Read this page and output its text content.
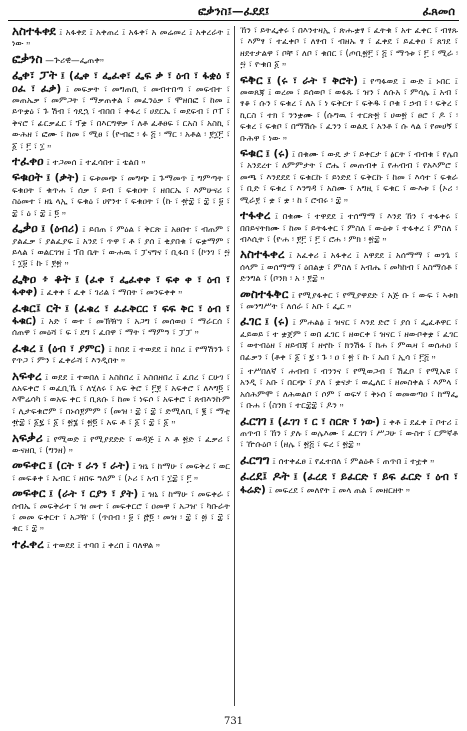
ፎቃንስ፤—ፈደደ፤	ፈጸመሰ
አስተፋቀደ ፤ አፋቀደ ፤ አቀጠረ ፤ አፋቀ፣ አ መሬመረ ፤ አቀረራት ፤ ነው ።
ፎቃንስ —ጕሪዊ—ፌጠቀ።
ፌቀ፣ ፓት ፤ (ፌቀ ፣ ፌፈቀ፣ ፌፍ ቃ ፣ ዕብ ፣ ፋቋዕ ፣ ዐፈ ፣ ፈቃ) ፤ መፍቃት ፣ መግጠቢ ፣ መብተበጣ ፣ መፍብተ ፣ መጠኤቃ ፣ መምጋት ፣ ማቃጠቀል ፣ መፈንዕቃ ፣ ሞዘበፎ ፣ ከመ ፤ ይጥቋዕ ፣ ጉ ሽብ ፣ ጎዴኋ ፣ ብበበ ፣ ቀፋረ ፣ ሀደርኤ ፣ ወደፍብ ፣ ቦፐ ፣ ቅናሮ ፣ ፊርቃፈር ፣ ፕቋ ፣ በእርግዋቃ ፣ ለቶ ፈቶፀፍ ፣ ርአስ ፣ አስኪ ፣ ውሕዘ ፣ ፎሙ ፣ ከመ ፣ ሚፀ ፣ (ዮብፎ ፡ ፉ ፭ ፡ ማር ፡ አቶል ፡ ፻፲፫ ፣ ፩ ፣ ፫ ፣ ፲ ።
ተፈቀዐ ፤ ተጋመሰ ፤ ተፈሳበተ ፤ ቴልበ ።
ፍቁዐት ፤ (ቃት) ፤ ፍቱመጭ ፣ መግጭ ፤ ጉማመጥ ፤ ግምጣት ፣ ፍቁዐት ፣ ቁጥሐ ፣ ሰቃ ፣ ይብ ፣ ፍቁዐት ፣ ዘበርኤ ፣ እምሁናሪ ፣ ስዕመተ ፣ ዘኒ ላኢ ፣ ፍቁዕ ፣ ሀየንተ ፣ ፍቁዐት ፣ (ኩ ፣ ፹፰ ፣ ፰ ፣ ፱ ፣ ፰ ፣ ዕ ፣ ፰ ፤ ፬ ።
ፌቃዐ ፤ (ዕብሪ) ፤ ይበጠ ፣ ምዕል ፣ ቅርጽ ፤ አፀበተ ፣ ብጠም ፣ ያልፈቃ ፣ ያልፈያፍ ፤ አንደ ፣ ጥዋ ፣ ቶ ፣ ያሰ ፤ ቂያበቁ ፣ ፍቋማም ፣ ይላል ፣ ወልርገዝ ፤ ፕበ ቤት ፣ ውሐዉ ፣ ፓናግና ፣ ቢፋበ ፣ (ኮንገ ፣ ፵ ፣ ፲፱ ፣ ኩ ፣ ፻፳ ።
ፌቅዐ ፥ ቆት ፤ (ፈቀ ፣ ፌፈቀቀ ፣ ፍቀ ቀ ፣ ዕብ ፣ ፋቀቀ) ፤ ፈቀቀ ፣ ፈቀ ፣ ገሪል ፣ ማበት ፣ መንፍቀቀ ።
ፈቁር፤ ርት ፤ (ፈቁረ ፣ ፈፈቅርር ፣ ፍፍ ቅር ፣ ዕብ ፣ ፋቁር) ፤ አድ ፣ ወተ ፣ መኽዥገ ፣ አጋግ ፣ መሰወዐ ፣ ማራርሰ ፣ ሰጠዋ ፣ መዕሻ ፣ ፍ ፣ ደግ ፣ ፈበዋ ፣ ማት ፣ ማምዓ ፣ ፓፓ ።
ፈቁረ ፤ (ዕብ ፣ ያምር) ፤ ከበደ ፤ ተወደደ ፤ ከበረ ፤ የማሽንጉ ፣ የጥጋ ፣ ምን ፣ ፈቀራሻ ፣ እንዲበት ።
አፍቀረ ፤ ወደደ ፤ ተወበለ ፤ አስከበረ ፤ አስበዘበረ ፤ ፈበረ ፣ ርሁገ ፣ ለአፍቀሮ ፣ ወፈቢኼ ፣ ለሂለሩ ፣ አፍ ቅሮ ፣ ፫፻ ፣ አፍቀሮ ፣ ለእግ፬ ፣ እሞሬሳካ ፣ ወአፍ ቀር ፣ ቢጸሱ ፣ ከመ ፣ ነፍሶ ፣ አፍቀሮ ፣ ጸብእንኩም ፣ ሊታፍቁሮም ፣ በኑሰ፻ምም ፣ (መዝ ፡ ፰ ፣ ፰ ፣ ድሚለቢ ፣ ፪ ፣ ማቲ ፹፰ ፣ ፩፯ ፣ ፩ ፣ ፳፮ ፣ ፳፬ ፣ አፍ ቶ ፣ ፩ ፣ ፰ ፣ ፩ ።
አፍቃሪ ፤ የሚወድ ፤ የሚያደድድ ፣ ወዳጅ ፤ እ ቶ ፳ድ ፣ ፈቃሪ ፣ ውናዘቢ ፣ (ግንዘ) ።
መፍቀር ፤ (ርት ፣ ራን ፣ ራት) ፤ ዝኒ ፣ ከማሁ ፣ መፍቅረ ፣ ወር ፣ መፍቆቀ ፣ ኡብር ፣ ዘበፍ ዓለም ፣ (ኦሪ ፣ አብ ፣ ፲፰ ፣ ፫ ።
መፍቀር ፤ (ራት ፣ ርያን ፣ ያት) ፤ ዝኒ ፣ ከማሁ ፣ መፍቀራ ፣ ሰብኤ ፣ መፍቅራተ ፣ ዝ መተ ፣ መፍቀርሮ ፣ ዐመዋ ፣ አጋዠ ፣ ካቡራት ፣ መመ ፍቀርተ ፣ አጋዥ ፣ (ጥበብ ፡ ፱ ፣ ፸፬ ፡ መዝ ፡ ፰ ፣ ፴ ፣ ፰ ፣ ቁር ፣ ፰ ።
ተፈቀረ ፤ ተወደደ ፤ ተባበ ፤ ቀረበ ፤ ባለዋል ።
ኸን ፣ ይትፌቀሩ ፣ በእንተዛኢ ፣ ጽሑቋፃ ፣ ፈትቁ ፣ አተ ፈቀር ፣ ብፃጹ ፣ እምፃ ፣ ተፈቀቦ ፣ ለፃብ ፣ ብዘኡ ፃ ፣ ፈቀደ ፣ ይፈቀዐ ፣ ጸገደ ፣ ዘደተታልዋ ፣ ቦቸ ፣ ለቦ ፣ ቁበር ፣ (ጦቢ፳፫ ፣ ፭ ፣ ማኅቱ ፣ ፫ ፣ ሚራ ፡ ፵ ፣ ዮቁበ ፩ ።
ፍቅር ፤ (ሩ ፣ ራት ፣ ቅሮት) ፤ የጣፋወደ ፤ ውድ ፤ ኑበር ፤ መወጸጃ ፤ ወረመ ፣ ይሰወቦ ፣ ወፋጹ ፣ ዝን ፣ ለሱአ ፣ ምሳሌ ፤ አብ ፣ ፃቆ ፣ ሱን ፣ ፍቁረ ፣ ለአ ፣ ነ ፍቅርተ ፣ ፍቅዱ ፣ ቦቁ ፣ ኃብ ፣ ፡ ፍቅረ ፣ ኪርስ ፣ ተክ ፣ ንንቋሙ ፣ (ሱግዉ ፣ ተርጽ፳ ፣ ሀወ፳ ፣ ፀሮ ፣ ዶ ፣ ፡ ፍቁረ ፣ ፍቁቦ ፣ በማሽሱ ፣ ፈንን ፣ ወልዴ ፣ አንቶ ፣ ሱ ላል ፣ የመሀኝ ፣ ቡሕዋ ፣ ነው ።
ፍቁር ፤ (ሩ) ፤ በቁሙ ፣ ውዴ ታ ፣ ይቀርታ ፣ ፅርት ፣ ብብቁ ፣ የሌበ ፣ አንደረተ ፣ ለምምታት ፣ ሮሔ ፣ መጠብቀ ፤ የሐብብ ፣ የአእምሮ ፣ መጫ ፣ እንደደደ ፣ ፍቁርኩ ፣ ይነድደ ፣ ፍቅርኩ ፣ ከመ ፣ እሳተ ፣ ፍቁራ ፣ ቢድ ፣ ፍቁረ ፣ እንግዳ ፣ አስሙ ፣ አግዚ ፣ ፍቁር ፣ ውእቱ ፣ (ኦሪ ፡ ሚራ፻ ፣ ቋ ፣ ቋ ፡ ከ ፣ ሮብሩ ፡ ፰ ።
ተፋቀረ ፤ በቁሙ ፣ ተዋደደ ፤ ተሰማማ ፣ እንደ ኸን ፣ ተፋቀሩ ፣ በበይናትክሙ ፣ ከመ ፣ ይትፋቀር ፣ ምስለ ፣ ውዕቱ ፣ ተፋቀረ ፣ ምስለ ፣ ብእሲት ፣ (ዮሐ ፡ ፻፫ ፣ ፫ ፣ ሮሐ ፡ ምክ ፡ ፳፰ ።
አስተፋቀረ ፤ አፈቀሪ ፤ አፋቀረ ፤ አዋደደ ፤ አሰማማ ፣ ወንጌ ፣ ሰላም ፤ ወሰማማ ፣ ዕበልቋ ፣ ምስለ ፣ አብሔ ፣ መካከብ ፣ አስማሰቶ ፣ ድንግል ፣ (ቦንክ ፡ አ ፡ ፻፰ ።
መስተፋቅር ፤ የሚያፋቀር ፣ የሚያዋደድ ፣ አጅ ቡ ፣ ውፍ ፣ ኣቱክ ፣ መንግሥት ፣ ለሰራ ፣ አቡ ፣ ፌር ።
ፈገር ፤ (ሩ) ፤ ምሐልፅ ፤ ዝናር ፣ እንደ ድሮ ፣ ያሰ ፣ ፌፈቶዋር ፣ ፈይወይ ፣ ተ ቋጀም ፣ ወበ ፈገር ፣ ዘወርቀ ፣ ዝናር ፣ ዘውቦቀቋ ፣ ፈገር ፣ ወተብዕዘ ፣ ዘይብጃ ፣ ዘኖኩ ፣ ክንሽፋ ፣ ከሐ ፣ ምዉዛ ፣ ወሰሐዐ ፣ በፊቃን ፣ (ቶቀ ፣ ፩ ፣ ፯ ፡ ጉ ፡ ዐ ፣ ፳ ፣ ኩ ፣ ኡበ ፣ ኢሳ ፣ ፫፭ ።
፤ ተሥበለኛ ፣ ሐብብ ፣ ብንንና ፣ የሚወጋብ ፣ ሽፈቦ ፣ የሚኤዩ ፣ አንዲ ፣ አቡ ፣ በርጭ ፣ ያለ ፣ ቋናታ ፣ ወፌለር ፣ ዘመስቀል ፣ እምላ ፣ አሰሕምሞ ፣ ለሕወልቦ ፣ ሶም ፣ ወፍሃ ፣ ቅኑሰ ፣ ወመወጣዐ ፣ ከማፌ ፣ ቡሐ ፣ (ስንክ ፣ ተር፰፰ ፣ ዶን ።
ፈርገገ ፤ (ፈገገ ፣ ር ፣ ስርጽ ፣ ነው) ፤ ቀቶ ፤ ደፈቀ ፤ ቦተሪ ፤ ጠጥብ ፣ ኸን ፣ ያሉ ፣ ወሌእሙ ፣ ፈርገገ ፣ ሥጋሁ ፣ ውስተ ፣ ርምኛቶ ፣ ዅሱዕቦ ፣ (ዘሌ ፣ ፳፭ ፣ ፍረ ፣ ፳፰ ።
ፈርግግ ፤ ሰተቀፈፀ ፤ የፈተበለ ፣ ምልዕቶ ፣ ጠጥበ ፤ ተቷቀ ።
ፈረደ፤ ዶት ፤ (ፈረደ ፣ ይፈርድ ፣ ይፍ ፈርድ ፣ ዕብ ፣ ፋሬድ) ፤ መፍረደ ፣ መለየት ፤ መላ ጠል ፣ መዘርዘት ።
731
